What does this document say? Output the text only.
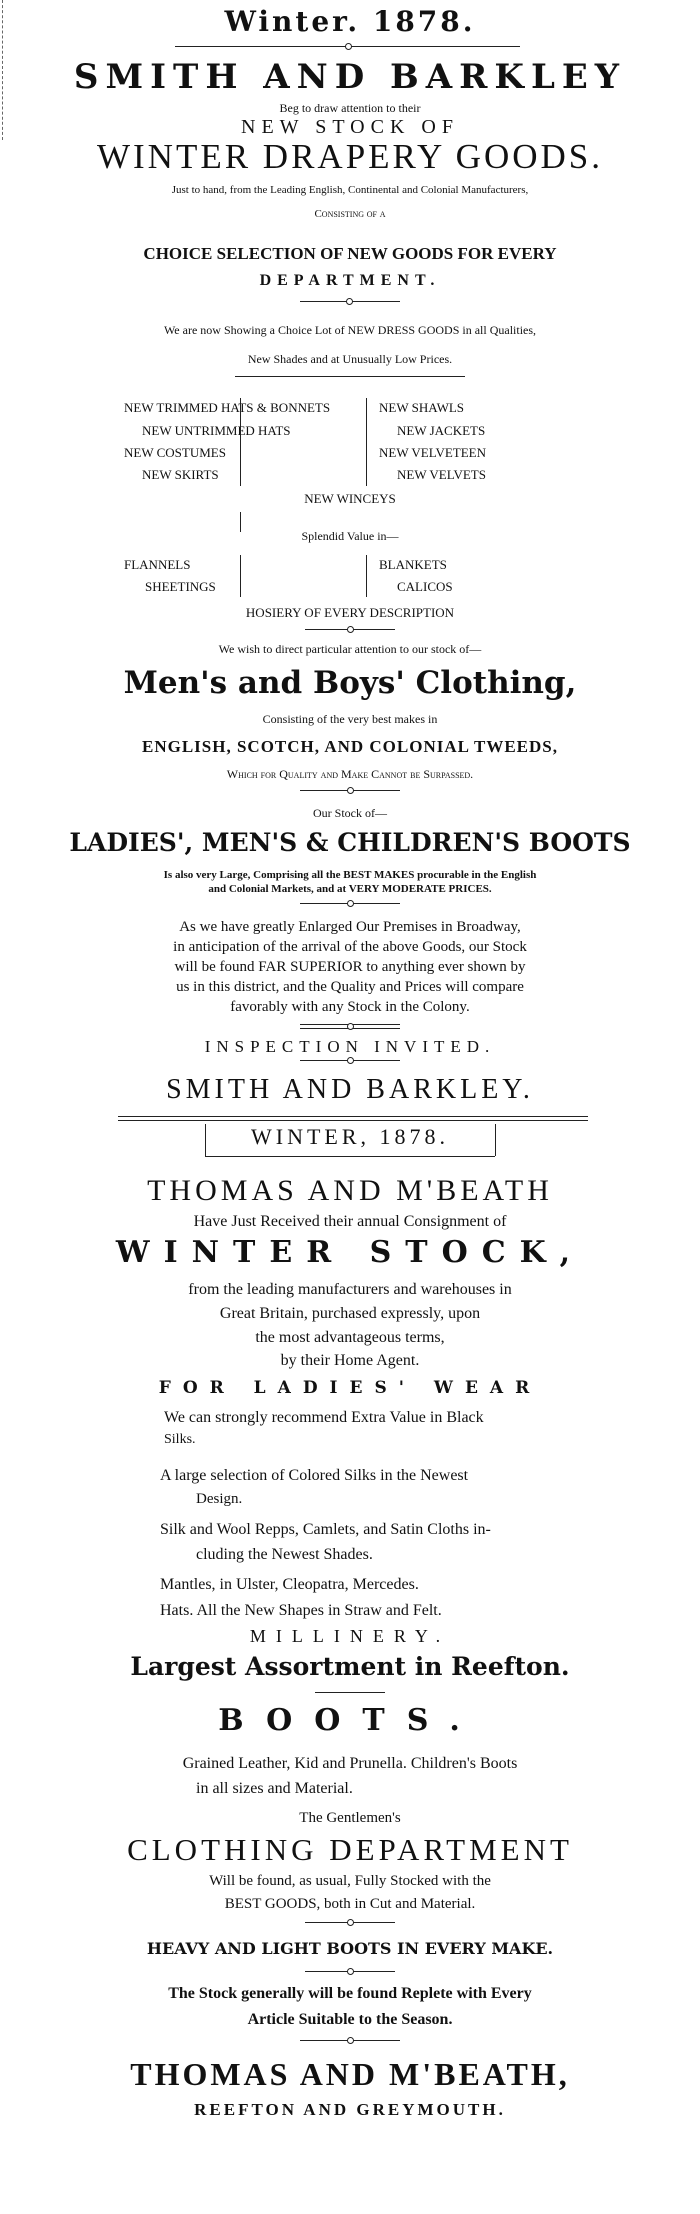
Winter. 1878.
SMITH AND BARKLEY
Beg to draw attention to their
NEW STOCK OF
WINTER DRAPERY GOODS.
Just to hand, from the Leading English, Continental and Colonial Manufacturers,
Consisting of a
CHOICE SELECTION OF NEW GOODS FOR EVERY
DEPARTMENT.
We are now Showing a Choice Lot of NEW DRESS GOODS in all Qualities,
New Shades and at Unusually Low Prices.
NEW TRIMMED HATS & BONNETS
NEW UNTRIMMED HATS
NEW COSTUMES
NEW SKIRTS
NEW SHAWLS
NEW JACKETS
NEW VELVETEEN
NEW VELVETS
NEW WINCEYS
Splendid Value in—
FLANNELS
SHEETINGS
BLANKETS
CALICOS
HOSIERY OF EVERY DESCRIPTION
We wish to direct particular attention to our stock of—
Men's and Boys' Clothing,
Consisting of the very best makes in
ENGLISH, SCOTCH, AND COLONIAL TWEEDS,
Which for Quality and Make Cannot be Surpassed.
Our Stock of—
LADIES', MEN'S & CHILDREN'S BOOTS
Is also very Large, Comprising all the BEST MAKES procurable in the English
and Colonial Markets, and at VERY MODERATE PRICES.
As we have greatly Enlarged Our Premises in Broadway,
in anticipation of the arrival of the above Goods, our Stock
will be found FAR SUPERIOR to anything ever shown by
us in this district, and the Quality and Prices will compare
favorably with any Stock in the Colony.
INSPECTION INVITED.
SMITH AND BARKLEY.
WINTER, 1878.
THOMAS AND M'BEATH
Have Just Received their annual Consignment of
WINTER STOCK,
from the leading manufacturers and warehouses in
Great Britain, purchased expressly, upon
the most advantageous terms,
by their Home Agent.
FOR LADIES' WEAR
We can strongly recommend Extra Value in Black
Silks.
A large selection of Colored Silks in the Newest
Design.
Silk and Wool Repps, Camlets, and Satin Cloths in-
cluding the Newest Shades.
Mantles, in Ulster, Cleopatra, Mercedes.
Hats. All the New Shapes in Straw and Felt.
MILLINERY.
Largest Assortment in Reefton.
BOOTS.
Grained Leather, Kid and Prunella. Children's Boots
in all sizes and Material.
The Gentlemen's
CLOTHING DEPARTMENT
Will be found, as usual, Fully Stocked with the
BEST GOODS, both in Cut and Material.
HEAVY AND LIGHT BOOTS IN EVERY MAKE.
The Stock generally will be found Replete with Every
Article Suitable to the Season.
THOMAS AND M'BEATH,
REEFTON AND GREYMOUTH.
